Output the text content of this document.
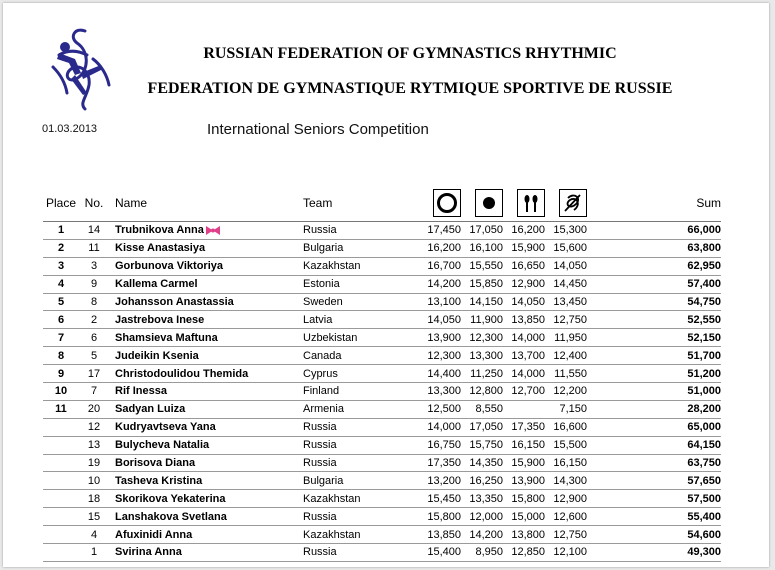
RUSSIAN FEDERATION OF GYMNASTICS RHYTHMIC
FEDERATION DE GYMNASTIQUE RYTMIQUE SPORTIVE DE RUSSIE
01.03.2013	International Seniors Competition
Place	No.	Name	Team					Sum
1	14	Trubnikova Anna	Russia	17,450	17,050	16,200	15,300	66,000
2	11	Kisse Anastasiya	Bulgaria	16,200	16,100	15,900	15,600	63,800
3	3	Gorbunova Viktoriya	Kazakhstan	16,700	15,550	16,650	14,050	62,950
4	9	Kallema Carmel	Estonia	14,200	15,850	12,900	14,450	57,400
5	8	Johansson Anastassia	Sweden	13,100	14,150	14,050	13,450	54,750
6	2	Jastrebova Inese	Latvia	14,050	11,900	13,850	12,750	52,550
7	6	Shamsieva Maftuna	Uzbekistan	13,900	12,300	14,000	11,950	52,150
8	5	Judeikin Ksenia	Canada	12,300	13,300	13,700	12,400	51,700
9	17	Christodoulidou Themida	Cyprus	14,400	11,250	14,000	11,550	51,200
10	7	Rif Inessa	Finland	13,300	12,800	12,700	12,200	51,000
11	20	Sadyan Luiza	Armenia	12,500	8,550		7,150	28,200
	12	Kudryavtseva Yana	Russia	14,000	17,050	17,350	16,600	65,000
	13	Bulycheva Natalia	Russia	16,750	15,750	16,150	15,500	64,150
	19	Borisova Diana	Russia	17,350	14,350	15,900	16,150	63,750
	10	Tasheva Kristina	Bulgaria	13,200	16,250	13,900	14,300	57,650
	18	Skorikova Yekaterina	Kazakhstan	15,450	13,350	15,800	12,900	57,500
	15	Lanshakova Svetlana	Russia	15,800	12,000	15,000	12,600	55,400
	4	Afuxinidi Anna	Kazakhstan	13,850	14,200	13,800	12,750	54,600
	1	Svirina Anna	Russia	15,400	8,950	12,850	12,100	49,300
